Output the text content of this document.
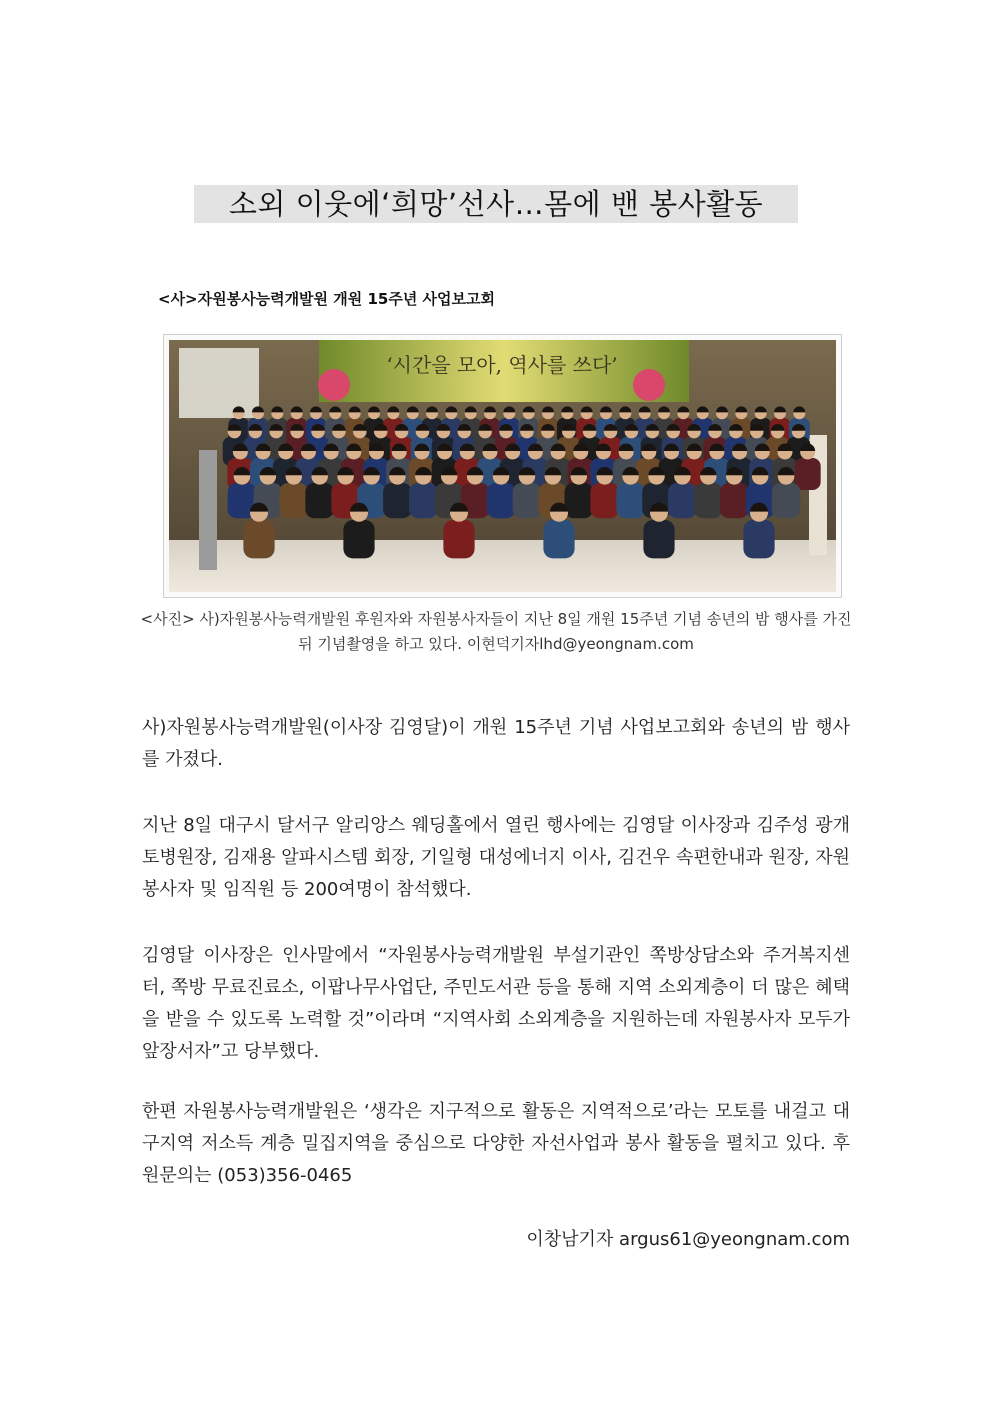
소외 이웃에‘희망’선사…몸에 밴 봉사활동
<사>자원봉사능력개발원 개원 15주년 사업보고회
‘시간을 모아, 역사를 쓰다’
<사진> 사)자원봉사능력개발원 후원자와 자원봉사자들이 지난 8일 개원 15주년 기념 송년의 밤 행사를 가진 뒤 기념촬영을 하고 있다. 이현덕기자lhd@yeongnam.com
사)자원봉사능력개발원(이사장 김영달)이 개원 15주년 기념 사업보고회와 송년의 밤 행사를 가졌다.
지난 8일 대구시 달서구 알리앙스 웨딩홀에서 열린 행사에는 김영달 이사장과 김주성 광개토병원장, 김재용 알파시스템 회장, 기일형 대성에너지 이사, 김건우 속편한내과 원장, 자원봉사자 및 임직원 등 200여명이 참석했다.
김영달 이사장은 인사말에서 “자원봉사능력개발원 부설기관인 쪽방상담소와 주거복지센터, 쪽방 무료진료소, 이팝나무사업단, 주민도서관 등을 통해 지역 소외계층이 더 많은 혜택을 받을 수 있도록 노력할 것”이라며 “지역사회 소외계층을 지원하는데 자원봉사자 모두가 앞장서자”고 당부했다.
한편 자원봉사능력개발원은 ‘생각은 지구적으로 활동은 지역적으로’라는 모토를 내걸고 대구지역 저소득 계층 밀집지역을 중심으로 다양한 자선사업과 봉사 활동을 펼치고 있다. 후원문의는 (053)356-0465
이창남기자 argus61@yeongnam.com
